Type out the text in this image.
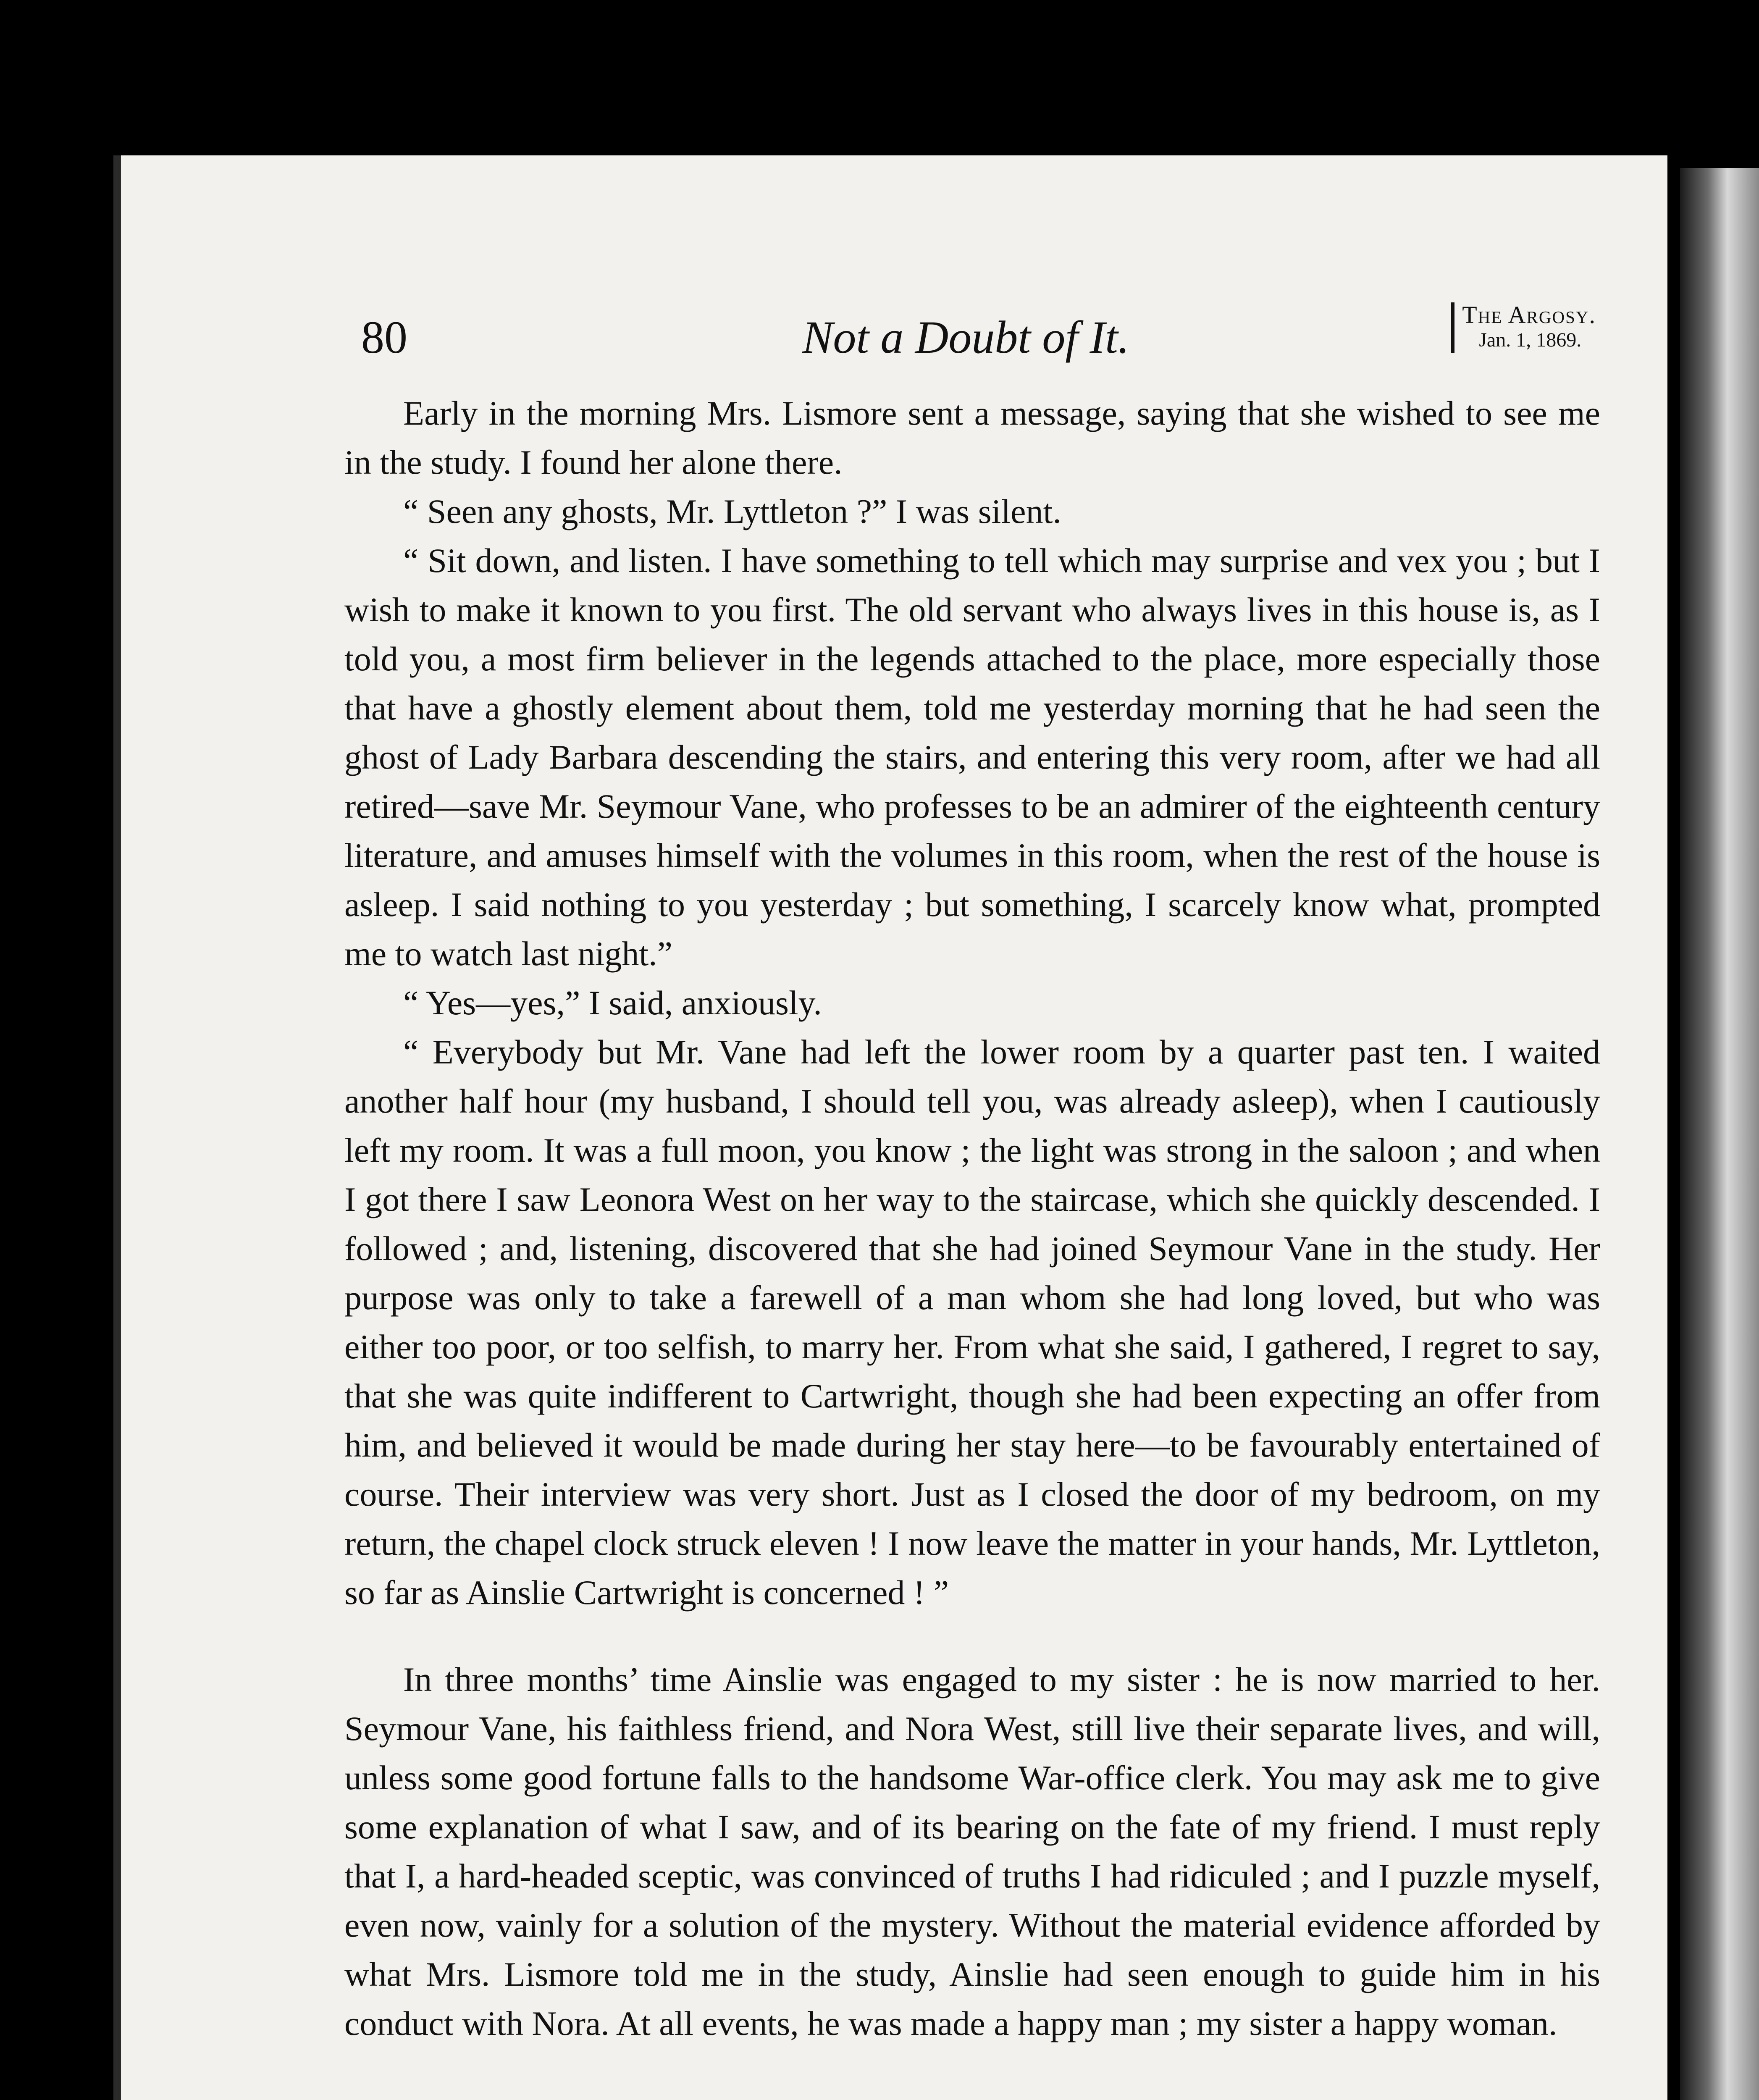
80	Not a Doubt of It.	The Argosy.
Jan. 1, 1869.

Early in the morning Mrs. Lismore sent a message, saying that she wished to see me in the study. I found her alone there.

“ Seen any ghosts, Mr. Lyttleton ?” I was silent.

“ Sit down, and listen. I have something to tell which may surprise and vex you ; but I wish to make it known to you first. The old servant who always lives in this house is, as I told you, a most firm believer in the legends attached to the place, more especially those that have a ghostly element about them, told me yesterday morning that he had seen the ghost of Lady Barbara descending the stairs, and entering this very room, after we had all retired—save Mr. Seymour Vane, who professes to be an admirer of the eighteenth century literature, and amuses himself with the volumes in this room, when the rest of the house is asleep. I said nothing to you yesterday ; but something, I scarcely know what, prompted me to watch last night.”

“ Yes—yes,” I said, anxiously.

“ Everybody but Mr. Vane had left the lower room by a quarter past ten. I waited another half hour (my husband, I should tell you, was already asleep), when I cautiously left my room. It was a full moon, you know ; the light was strong in the saloon ; and when I got there I saw Leonora West on her way to the staircase, which she quickly descended. I followed ; and, listening, discovered that she had joined Seymour Vane in the study. Her purpose was only to take a farewell of a man whom she had long loved, but who was either too poor, or too selfish, to marry her. From what she said, I gathered, I regret to say, that she was quite indifferent to Cartwright, though she had been expecting an offer from him, and believed it would be made during her stay here—to be favourably entertained of course. Their interview was very short. Just as I closed the door of my bedroom, on my return, the chapel clock struck eleven ! I now leave the matter in your hands, Mr. Lyttleton, so far as Ainslie Cartwright is concerned ! ”

In three months’ time Ainslie was engaged to my sister : he is now married to her. Seymour Vane, his faithless friend, and Nora West, still live their separate lives, and will, unless some good fortune falls to the handsome War-office clerk. You may ask me to give some explanation of what I saw, and of its bearing on the fate of my friend. I must reply that I, a hard-headed sceptic, was convinced of truths I had ridiculed ; and I puzzle myself, even now, vainly for a solution of the mystery. Without the material evidence afforded by what Mrs. Lismore told me in the study, Ainslie had seen enough to guide him in his conduct with Nora. At all events, he was made a happy man ; my sister a happy woman.
